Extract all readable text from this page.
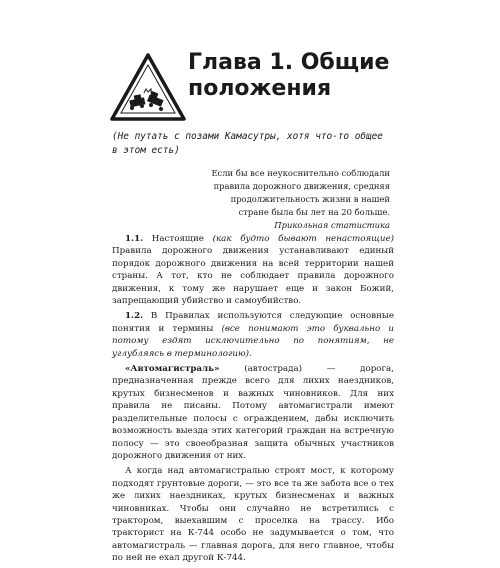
Глава 1. Общие положения

(Не путать с позами Камасутры, хотя что-то общее в этом есть)

Если бы все неукоснительно соблюдали правила дорожного движения, средняя продолжительность жизни в нашей стране была бы лет на 20 больше.

Прикольная статистика

1.1. Настоящие (как будто бывают ненастоящие) Правила дорожного движения устанавливают единый порядок дорожного движения на всей территории нашей страны. А тот, кто не соблюдает правила дорожного движения, к тому же нарушает еще и закон Божий, запрещающий убийство и самоубийство.

1.2. В Правилах используются следующие основные понятия и термины (все понимают это буквально и потому ездят исключительно по понятиям, не углубляясь в терминологию).

«Автомагистраль» (автострада) — дорога, предназначенная прежде всего для лихих наездников, крутых бизнесменов и важных чиновников. Для них правила не писаны. Потому автомагистрали имеют разделительные полосы с ограждением, дабы исключить возможность выезда этих категорий граждан на встречную полосу — это своеобразная защита обычных участников дорожного движения от них.

А когда над автомагистралью строят мост, к которому подходят грунтовые дороги, — это все та же забота все о тех же лихих наездниках, крутых бизнесменах и важных чиновниках. Чтобы они случайно не встретились с трактором, выехавшим с проселка на трассу. Ибо тракторист на К-744 особо не задумывается о том, что автомагистраль — главная дорога, для него главное, чтобы по ней не ехал другой К-744.
